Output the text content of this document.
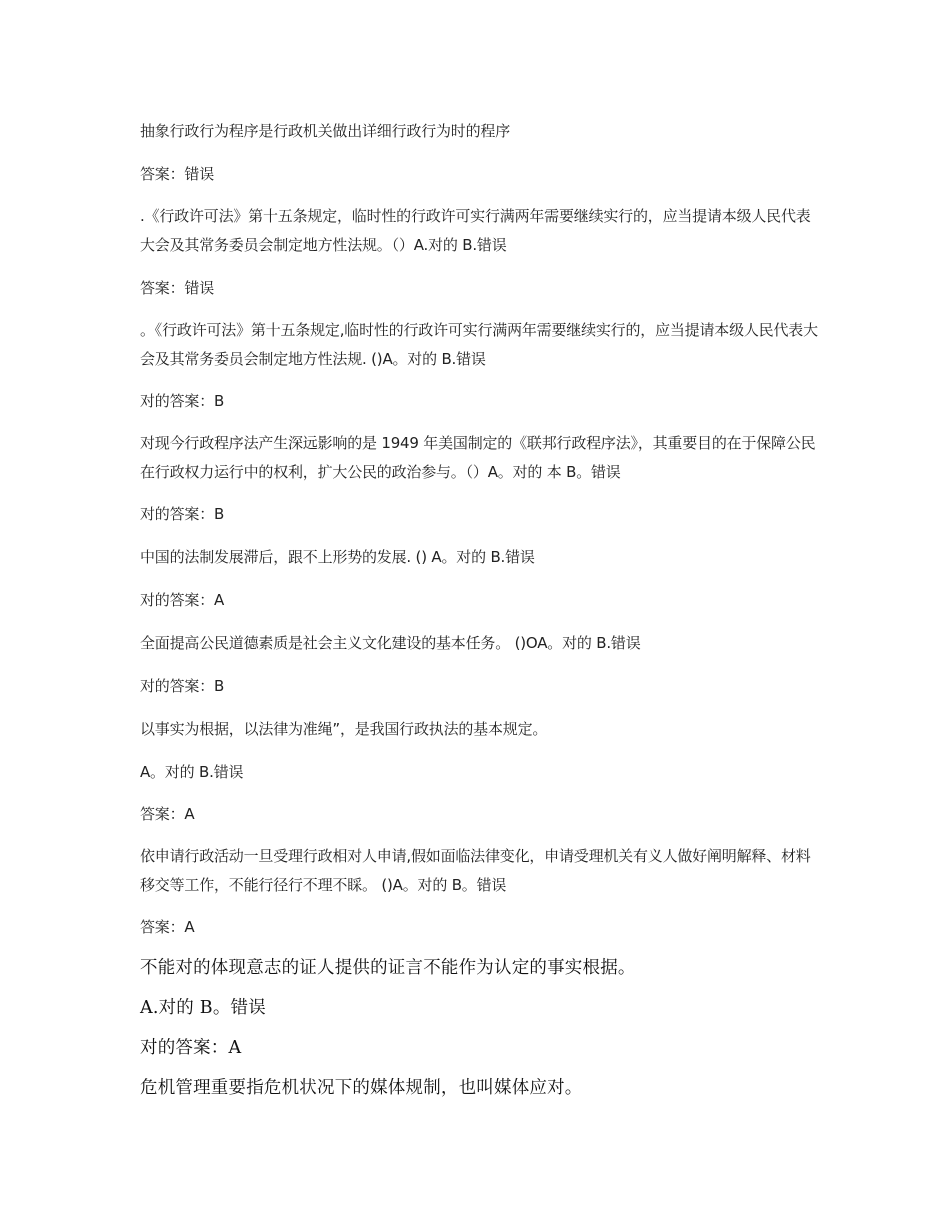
抽象行政行为程序是行政机关做出详细行政行为时的程序
答案：错误
.《行政许可法》第十五条规定，临时性的行政许可实行满两年需要继续实行的，应当提请本级人民代表大会及其常务委员会制定地方性法规。（）A.对的 B.错误
答案：错误
。《行政许可法》第十五条规定,临时性的行政许可实行满两年需要继续实行的，应当提请本级人民代表大会及其常务委员会制定地方性法规. ()A。对的 B.错误
对的答案：B
对现今行政程序法产生深远影响的是 1949 年美国制定的《联邦行政程序法》，其重要目的在于保障公民在行政权力运行中的权利，扩大公民的政治参与。（）A。对的 本 B。错误
对的答案：B
中国的法制发展滞后，跟不上形势的发展. () A。对的 B.错误
对的答案：A
全面提高公民道德素质是社会主义文化建设的基本任务。 ()OA。对的 B.错误
对的答案：B
以事实为根据，以法律为准绳”，是我国行政执法的基本规定。
A。对的 B.错误
答案：A
依申请行政活动一旦受理行政相对人申请,假如面临法律变化，申请受理机关有义人做好阐明解释、材料移交等工作，不能行径行不理不睬。 ()A。对的 B。错误
答案：A
不能对的体现意志的证人提供的证言不能作为认定的事实根据。
A.对的 B。错误
对的答案：A
危机管理重要指危机状况下的媒体规制，也叫媒体应对。
